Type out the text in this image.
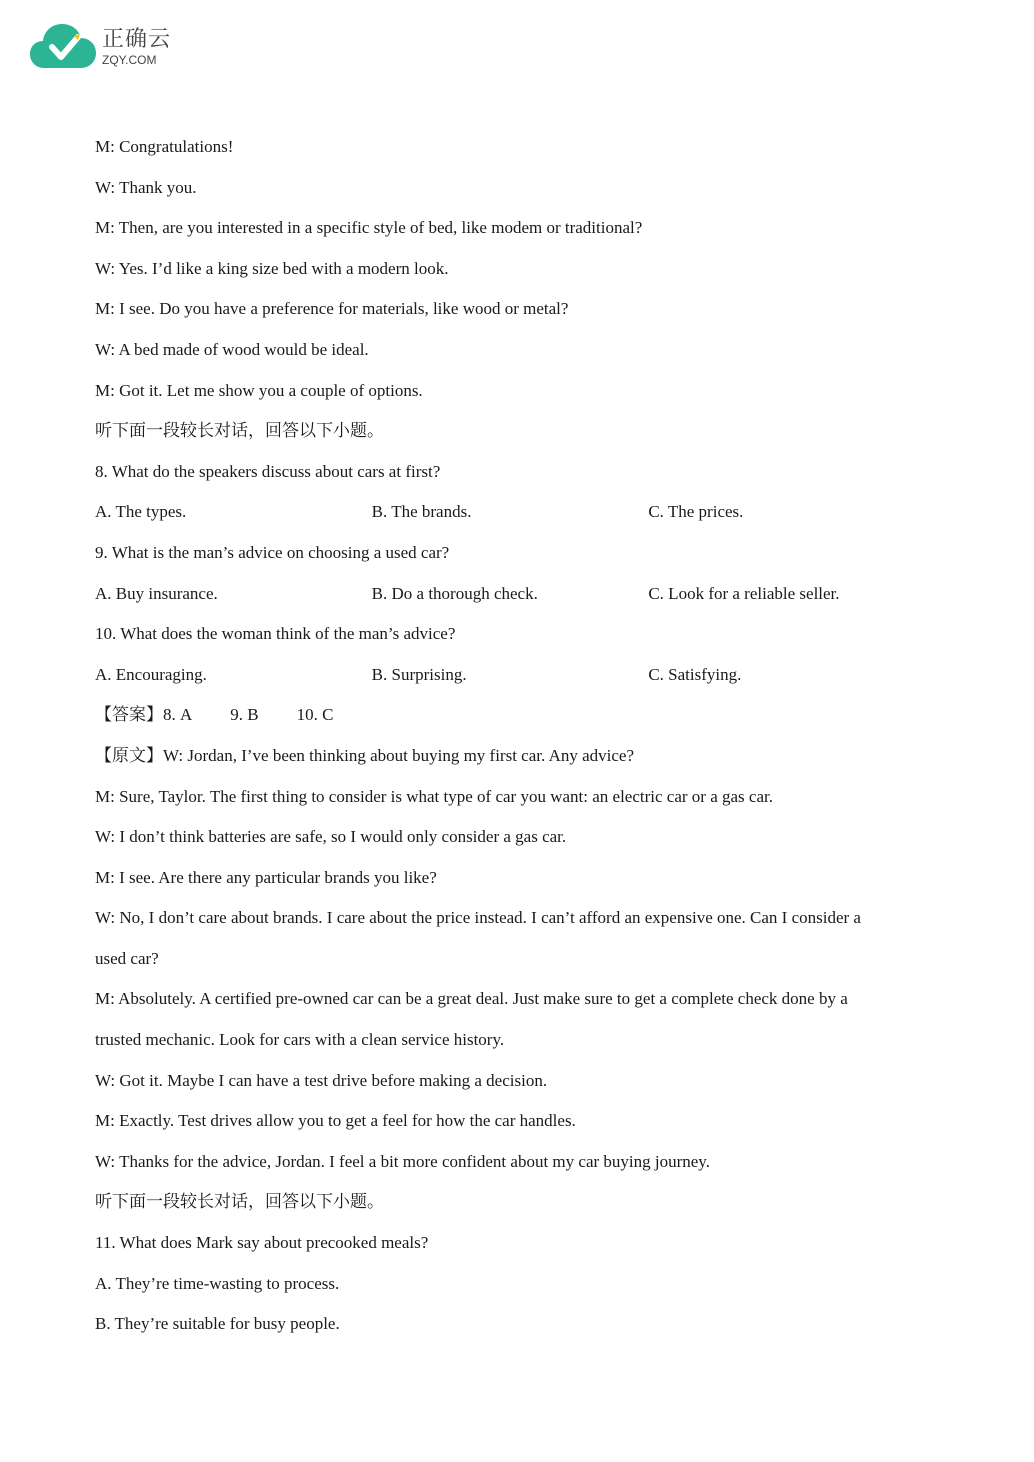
正确云
ZQY.COM
M: Congratulations!
W: Thank you.
M: Then, are you interested in a specific style of bed, like modem or traditional?
W: Yes. I’d like a king size bed with a modern look.
M: I see. Do you have a preference for materials, like wood or metal?
W: A bed made of wood would be ideal.
M: Got it. Let me show you a couple of options.
听下面一段较长对话，回答以下小题。
8. What do the speakers discuss about cars at first?
A. The types.	B. The brands.	C. The prices.
9. What is the man’s advice on choosing a used car?
A. Buy insurance.	B. Do a thorough check.	C. Look for a reliable seller.
10. What does the woman think of the man’s advice?
A. Encouraging.	B. Surprising.	C. Satisfying.
【答案】8. A 9. B 10. C
【原文】W: Jordan, I’ve been thinking about buying my first car. Any advice?
M: Sure, Taylor. The first thing to consider is what type of car you want: an electric car or a gas car.
W: I don’t think batteries are safe, so I would only consider a gas car.
M: I see. Are there any particular brands you like?
W: No, I don’t care about brands. I care about the price instead. I can’t afford an expensive one. Can I consider a
used car?
M: Absolutely. A certified pre-owned car can be a great deal. Just make sure to get a complete check done by a
trusted mechanic. Look for cars with a clean service history.
W: Got it. Maybe I can have a test drive before making a decision.
M: Exactly. Test drives allow you to get a feel for how the car handles.
W: Thanks for the advice, Jordan. I feel a bit more confident about my car buying journey.
听下面一段较长对话，回答以下小题。
11. What does Mark say about precooked meals?
A. They’re time-wasting to process.
B. They’re suitable for busy people.
